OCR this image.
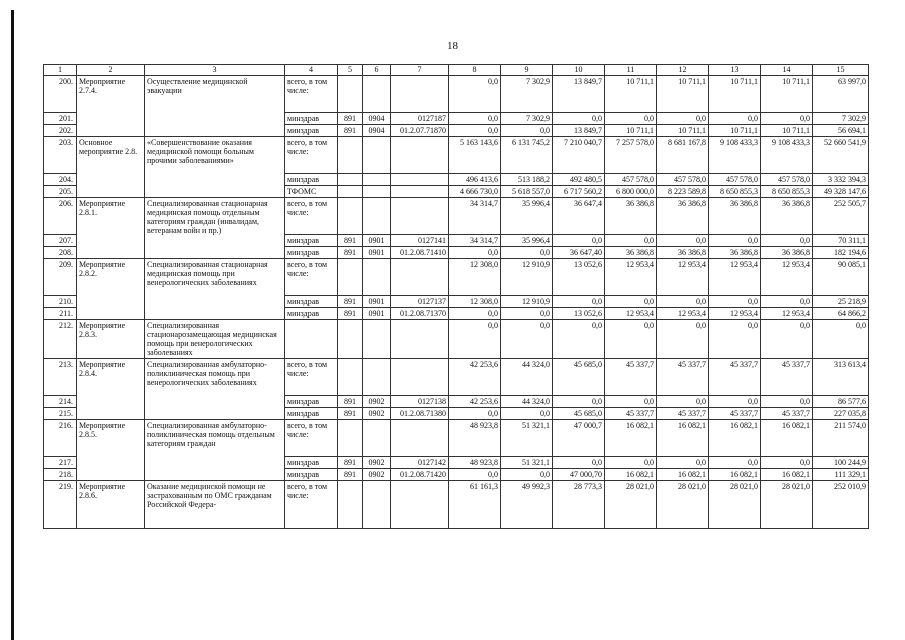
18
1	2	3	4	5	6	7	8	9	10	11	12	13	14	15
200.	Мероприятие 2.7.4.	Осуществление медицинской эвакуации	всего, в том числе:				0,0	7 302,9	13 849,7	10 711,1	10 711,1	10 711,1	10 711,1	63 997,0
201.			минздрав	891	0904	0127187	0,0	7 302,9	0,0	0,0	0,0	0,0	0,0	7 302,9
202.			минздрав	891	0904	01.2.07.71870	0,0	0,0	13 849,7	10 711,1	10 711,1	10 711,1	10 711,1	56 694,1
203.	Основное мероприятие 2.8.	«Совершенствование оказания медицинской помощи больным прочими заболеваниями»	всего, в том числе:				5 163 143,6	6 131 745,2	7 210 040,7	7 257 578,0	8 681 167,8	9 108 433,3	9 108 433,3	52 660 541,9
204.			минздрав				496 413,6	513 188,2	492 480,5	457 578,0	457 578,0	457 578,0	457 578,0	3 332 394,3
205.			ТФОМС				4 666 730,0	5 618 557,0	6 717 560,2	6 800 000,0	8 223 589,8	8 650 855,3	8 650 855,3	49 328 147,6
206.	Мероприятие 2.8.1.	Специализированная стационарная медицинская помощь отдельным категориям граждан (инвалидам, ветеранам войн и пр.)	всего, в том числе:				34 314,7	35 996,4	36 647,4	36 386,8	36 386,8	36 386,8	36 386,8	252 505,7
207.			минздрав	891	0901	0127141	34 314,7	35 996,4	0,0	0,0	0,0	0,0	0,0	70 311,1
208.			минздрав	891	0901	01.2.08.71410	0,0	0,0	36 647,40	36 386,8	36 386,8	36 386,8	36 386,8	182 194,6
209.	Мероприятие 2.8.2.	Специализированная стационарная медицинская помощь при венерологических заболеваниях	всего, в том числе:				12 308,0	12 910,9	13 052,6	12 953,4	12 953,4	12 953,4	12 953,4	90 085,1
210.			минздрав	891	0901	0127137	12 308,0	12 910,9	0,0	0,0	0,0	0,0	0,0	25 218,9
211.			минздрав	891	0901	01.2.08.71370	0,0	0,0	13 052,6	12 953,4	12 953,4	12 953,4	12 953,4	64 866,2
212.	Мероприятие 2.8.3.	Специализированная стационарозамещающая медицинская помощь при венерологических заболеваниях					0,0	0,0	0,0	0,0	0,0	0,0	0,0	0,0
213.	Мероприятие 2.8.4.	Специализированная амбулаторно-поликлиническая помощь при венерологических заболеваниях	всего, в том числе:				42 253,6	44 324,0	45 685,0	45 337,7	45 337,7	45 337,7	45 337,7	313 613,4
214.			минздрав	891	0902	0127138	42 253,6	44 324,0	0,0	0,0	0,0	0,0	0,0	86 577,6
215.			минздрав	891	0902	01.2.08.71380	0,0	0,0	45 685,0	45 337,7	45 337,7	45 337,7	45 337,7	227 035,8
216.	Мероприятие 2.8.5.	Специализированная амбулаторно-поликлиническая помощь отдельным категориям граждан	всего, в том числе:				48 923,8	51 321,1	47 000,7	16 082,1	16 082,1	16 082,1	16 082,1	211 574,0
217.			минздрав	891	0902	0127142	48 923,8	51 321,1	0,0	0,0	0,0	0,0	0,0	100 244,9
218.			минздрав	891	0902	01.2.08.71420	0,0	0,0	47 000,70	16 082,1	16 082,1	16 082,1	16 082,1	111 329,1
219.	Мероприятие 2.8.6.	Оказание медицинской помощи не застрахованным по ОМС гражданам Российской Федера-	всего, в том числе:				61 161,3	49 992,3	28 773,3	28 021,0	28 021,0	28 021,0	28 021,0	252 010,9
